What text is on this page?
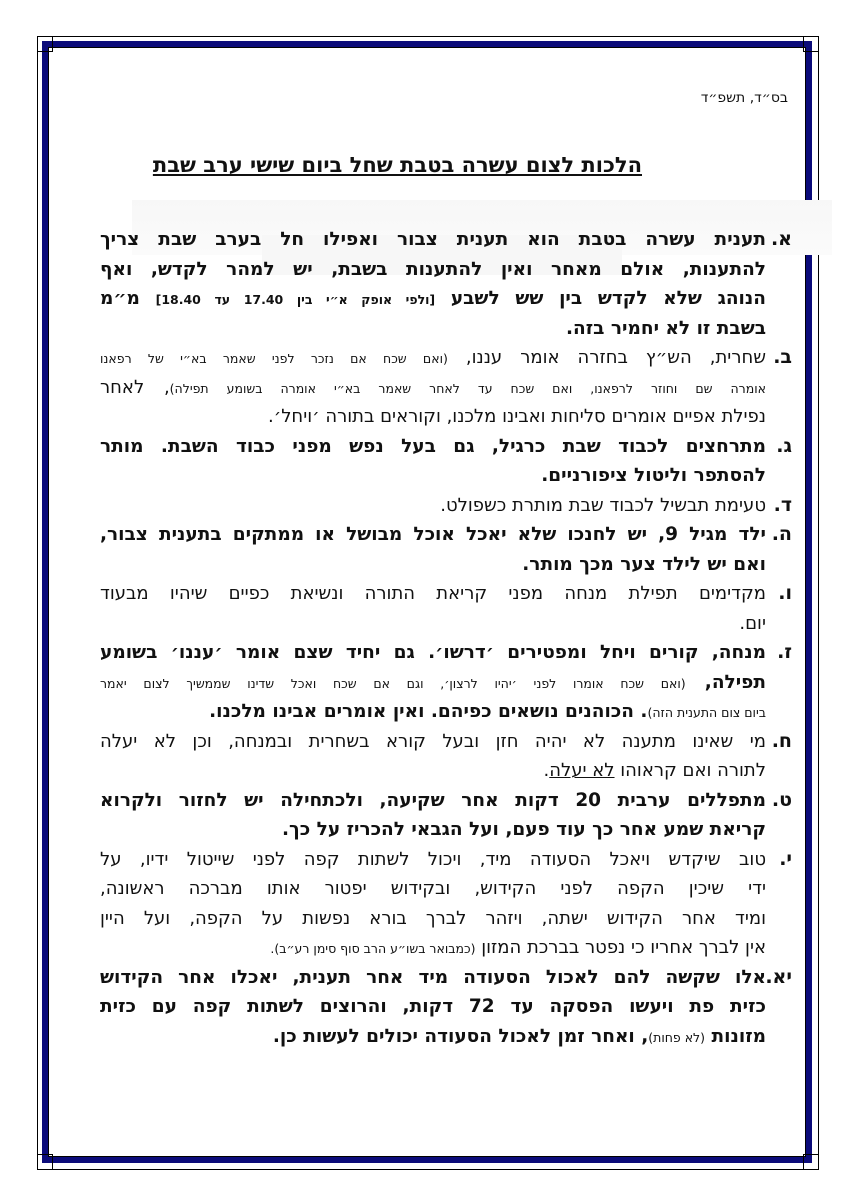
בס״ד, תשפ״ד
הלכות לצום עשרה בטבת שחל ביום שישי ערב שבת
א.
תענית עשרה בטבת הוא תענית צבור ואפילו חל בערב שבת צריך
להתענות, אולם מאחר ואין להתענות בשבת, יש למהר לקדש, ואף
הנוהג שלא לקדש בין שש לשבע [ולפי אופק א״י בין 17.40 עד 18.40] מ״מ
בשבת זו לא יחמיר בזה.
ב.
שחרית, הש״ץ בחזרה אומר עננו, (ואם שכח אם נזכר לפני שאמר בא״י של רפאנו
אומרה שם וחוזר לרפאנו, ואם שכח עד לאחר שאמר בא״י אומרה בשומע תפילה), לאחר
נפילת אפיים אומרים סליחות ואבינו מלכנו, וקוראים בתורה ׳ויחל׳.
ג.
מתרחצים לכבוד שבת כרגיל, גם בעל נפש מפני כבוד השבת. מותר
להסתפר וליטול ציפורניים.
ד.
טעימת תבשיל לכבוד שבת מותרת כשפולט.
ה.
ילד מגיל 9, יש לחנכו שלא יאכל אוכל מבושל או ממתקים בתענית צבור,
ואם יש לילד צער מכך מותר.
ו.
מקדימים תפילת מנחה מפני קריאת התורה ונשיאת כפיים שיהיו מבעוד
יום.
ז.
מנחה, קורים ויחל ומפטירים ׳דרשו׳. גם יחיד שצם אומר ׳עננו׳ בשומע
תפילה, (ואם שכח אומרו לפני ׳יהיו לרצון׳, וגם אם שכח ואכל שדינו שממשיך לצום יאמר
ביום צום התענית הזה). הכוהנים נושאים כפיהם. ואין אומרים אבינו מלכנו.
ח.
מי שאינו מתענה לא יהיה חזן ובעל קורא בשחרית ובמנחה, וכן לא יעלה
לתורה ואם קראוהו לא יעלה.
ט.
מתפללים ערבית 20 דקות אחר שקיעה, ולכתחילה יש לחזור ולקרוא
קריאת שמע אחר כך עוד פעם, ועל הגבאי להכריז על כך.
י.
טוב שיקדש ויאכל הסעודה מיד, ויכול לשתות קפה לפני שייטול ידיו, על
ידי שיכין הקפה לפני הקידוש, ובקידוש יפטור אותו מברכה ראשונה,
ומיד אחר הקידוש ישתה, ויזהר לברך בורא נפשות על הקפה, ועל היין
אין לברך אחריו כי נפטר בברכת המזון (כמבואר בשו״ע הרב סוף סימן רע״ב).
יא.
אלו שקשה להם לאכול הסעודה מיד אחר תענית, יאכלו אחר הקידוש
כזית פת ויעשו הפסקה עד 72 דקות, והרוצים לשתות קפה עם כזית
מזונות (לא פחות), ואחר זמן לאכול הסעודה יכולים לעשות כן.
